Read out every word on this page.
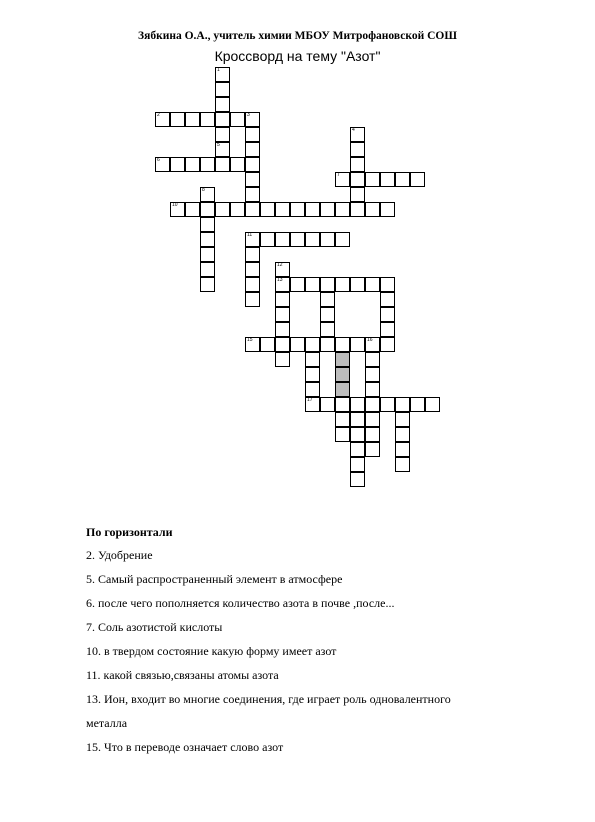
Зябкина О.А., учитель химии МБОУ Митрофановской СОШ
Кроссворд на тему "Азот"
2	3
6
7
10
11
13
15	16
17
1
5
4
8
12
По горизонтали
2. Удобрение
5. Самый распространенный элемент в атмосфере
6. после чего пополняется количество азота в почве ,после...
7. Соль азотистой кислоты
10. в твердом состояние какую форму имеет азот
11. какой связью,связаны атомы азота
13. Ион, входит во многие соединения, где играет роль одновалентного
металла
15. Что в переводе означает слово азот
